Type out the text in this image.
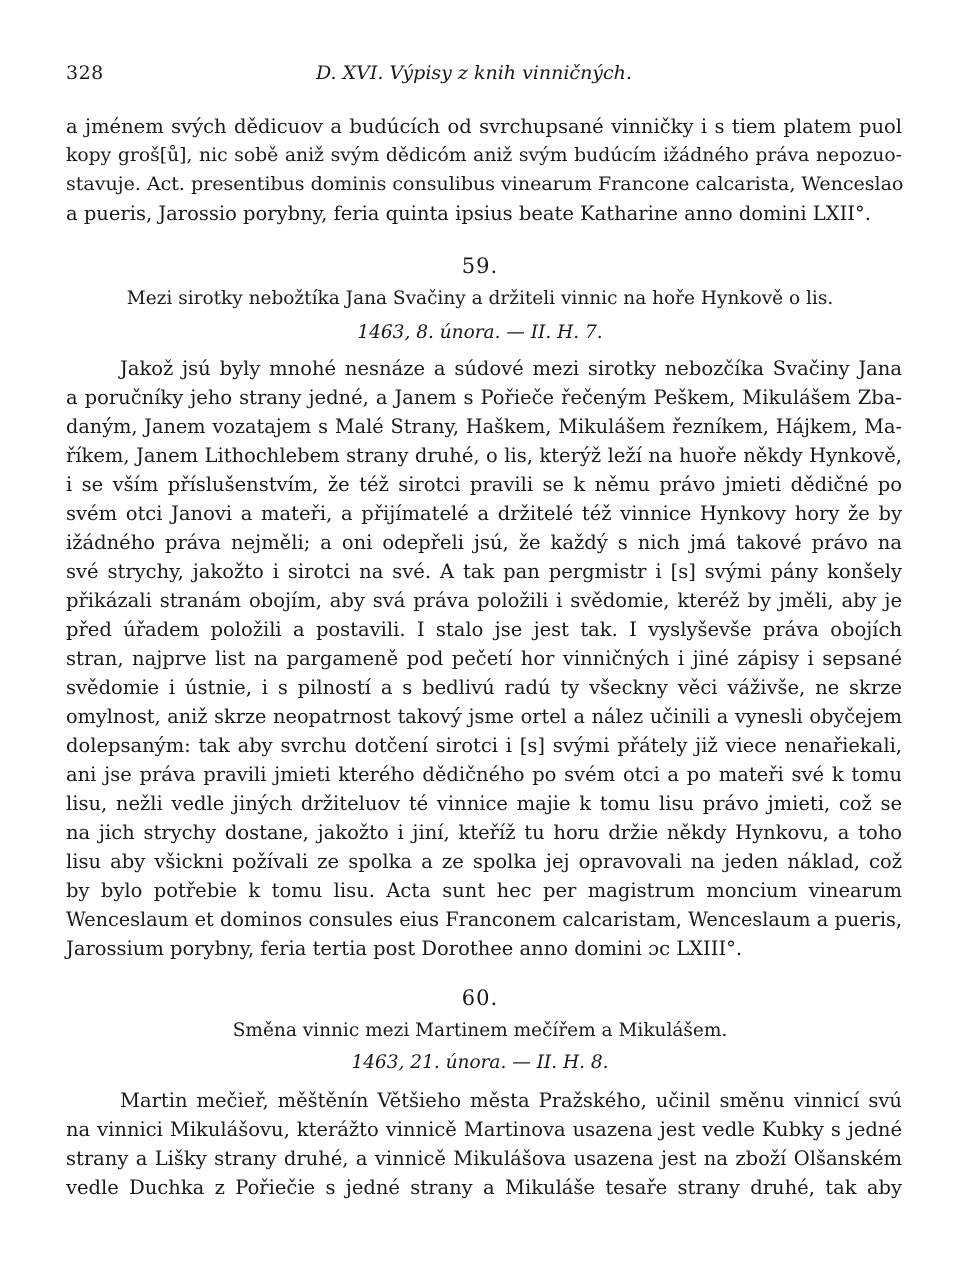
328	D. XVI. Výpisy z knih vinničných.
a jménem svých dědicuov a budúcích od svrchupsané vinničky i s tiem platem puol
kopy groš[ů], nic sobě aniž svým dědicóm aniž svým budúcím ižádného práva nepozuo-
stavuje. Act. presentibus dominis consulibus vinearum Francone calcarista, Wenceslao
a pueris, Jarossio porybny, feria quinta ipsius beate Katharine anno domini LXII°.
59.
Mezi sirotky nebožtíka Jana Svačiny a držiteli vinnic na hoře Hynkově o lis.
1463, 8. února. — II. H. 7.
Jakož jsú byly mnohé nesnáze a súdové mezi sirotky nebozčíka Svačiny Jana
a poručníky jeho strany jedné, a Janem s Pořieče řečeným Peškem, Mikulášem Zba-
daným, Janem vozatajem s Malé Strany, Haškem, Mikulášem řezníkem, Hájkem, Ma-
říkem, Janem Lithochlebem strany druhé, o lis, kterýž leží na huoře někdy Hynkově,
i se vším příslušenstvím, že též sirotci pravili se k němu právo jmieti dědičné po
svém otci Janovi a mateři, a přijímatelé a držitelé též vinnice Hynkovy hory že by
ižádného práva nejměli; a oni odepřeli jsú, že každý s nich jmá takové právo na
své strychy, jakožto i sirotci na své. A tak pan pergmistr i [s] svými pány konšely
přikázali stranám obojím, aby svá práva položili i svědomie, kteréž by jměli, aby je
před úřadem položili a postavili. I stalo jse jest tak. I vyslyševše práva obojích
stran, najprve list na pargameně pod pečetí hor vinničných i jiné zápisy i sepsané
svědomie i ústnie, i s pilností a s bedlivú radú ty všeckny věci váživše, ne skrze
omylnost, aniž skrze neopatrnost takový jsme ortel a nález učinili a vynesli obyčejem
dolepsaným: tak aby svrchu dotčení sirotci i [s] svými přátely již viece nenařiekali,
ani jse práva pravili jmieti kterého dědičného po svém otci a po mateři své k tomu
lisu, nežli vedle jiných držiteluov té vinnice majie k tomu lisu právo jmieti, což se
na jich strychy dostane, jakožto i jiní, kteříž tu horu držie někdy Hynkovu, a toho
lisu aby všickni požívali ze spolka a ze spolka jej opravovali na jeden náklad, což
by bylo potřebie k tomu lisu. Acta sunt hec per magistrum moncium vinearum
Wenceslaum et dominos consules eius Franconem calcaristam, Wenceslaum a pueris,
Jarossium porybny, feria tertia post Dorothee anno domini ɔc LXIII°.
60.
Směna vinnic mezi Martinem mečířem a Mikulášem.
1463, 21. února. — II. H. 8.
Martin mečieř, měštěnín Většieho města Pražského, učinil směnu vinnicí svú
na vinnici Mikulášovu, kterážto vinnicě Martinova usazena jest vedle Kubky s jedné
strany a Lišky strany druhé, a vinnicě Mikulášova usazena jest na zboží Olšanském
vedle Duchka z Pořiečie s jedné strany a Mikuláše tesaře strany druhé, tak aby
